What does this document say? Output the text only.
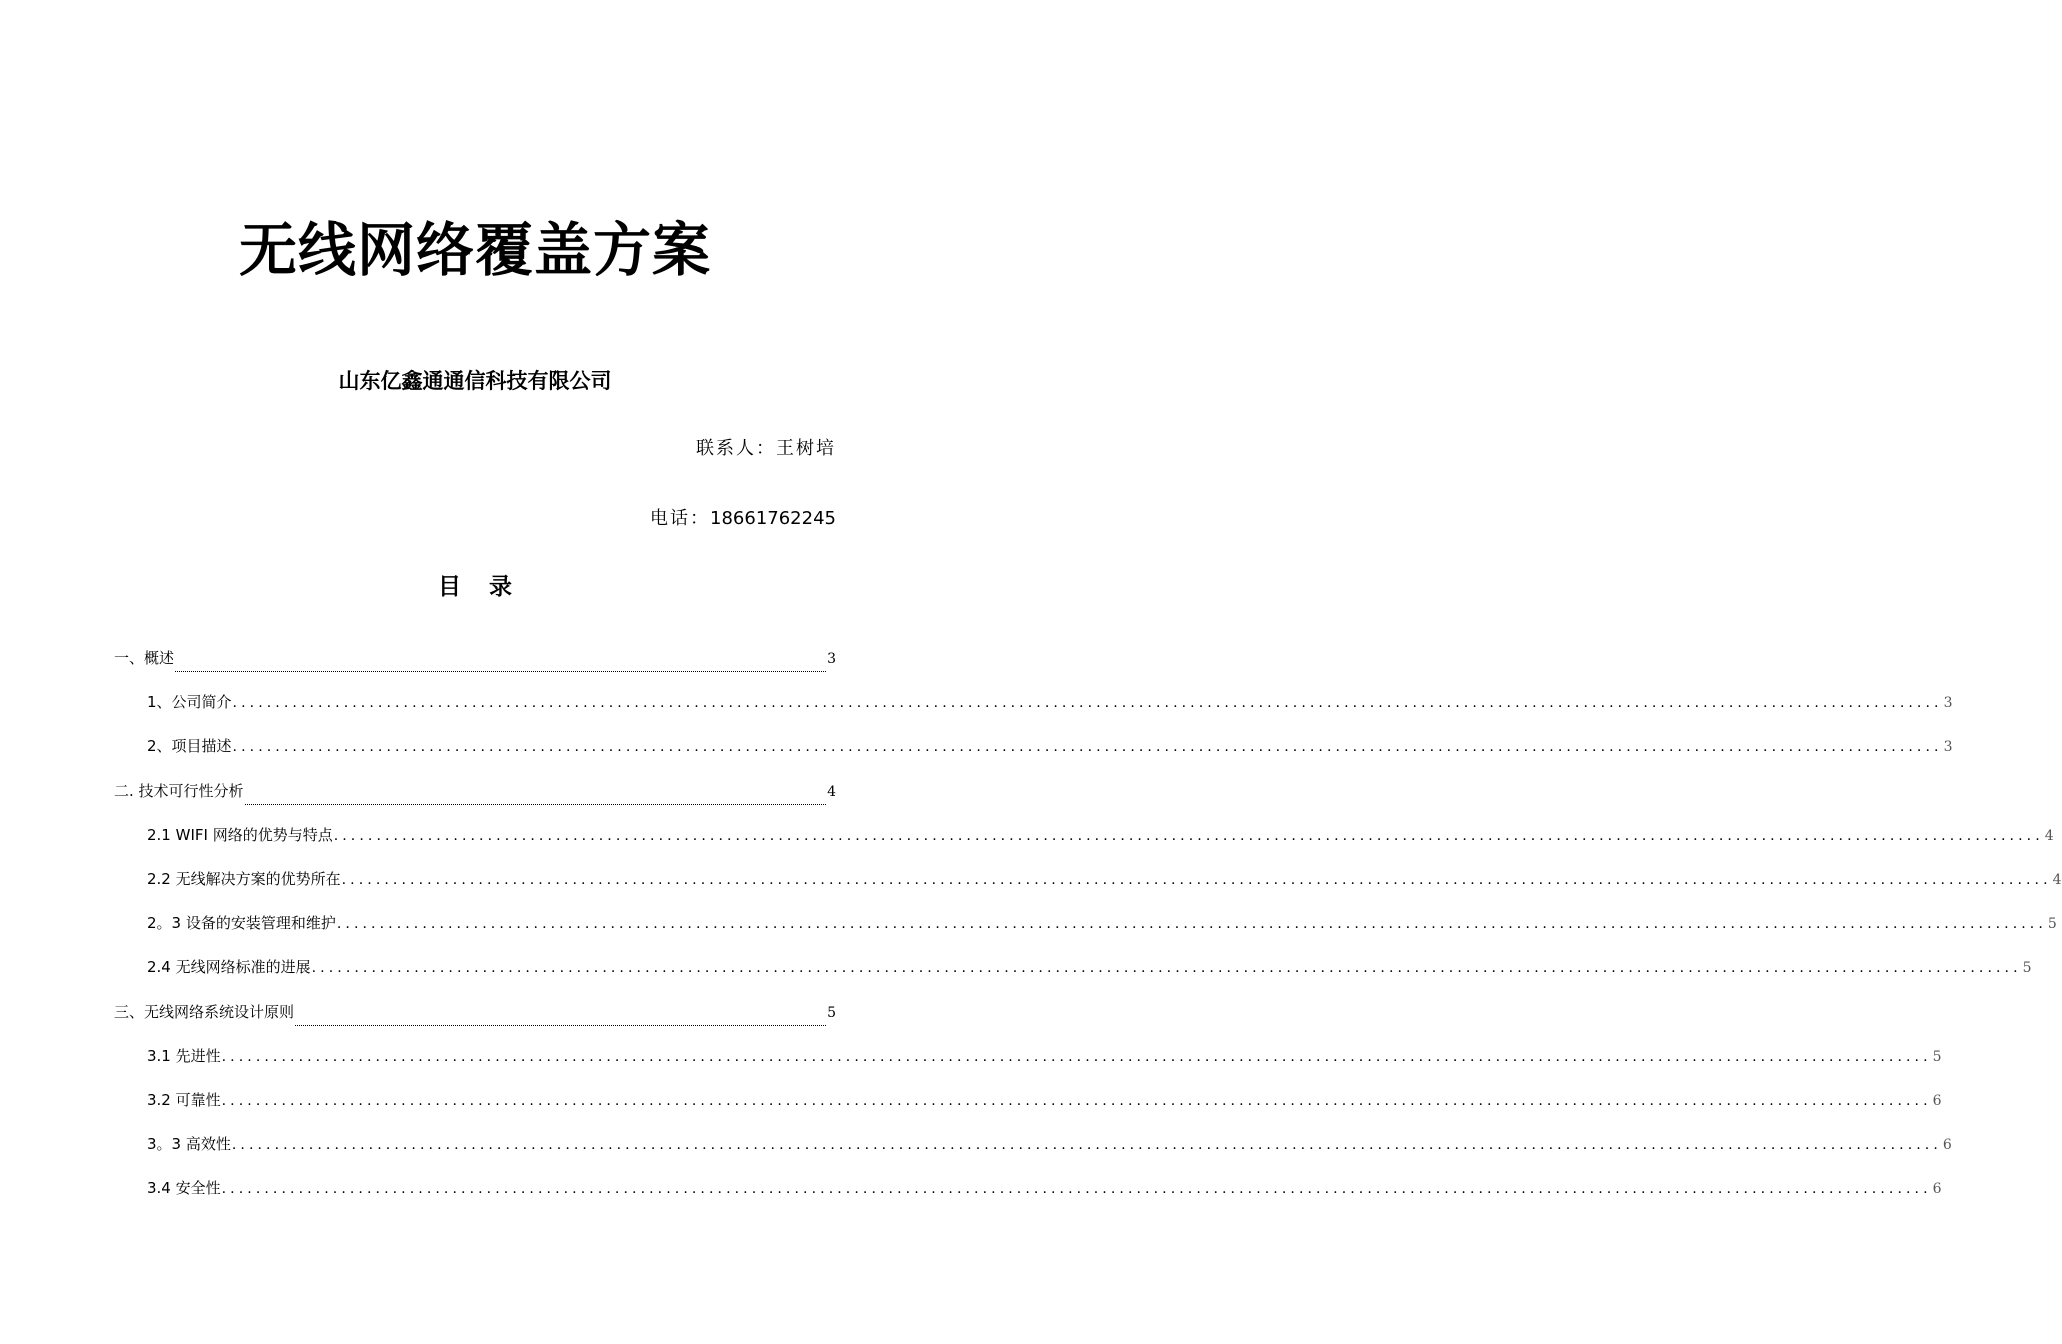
无线网络覆盖方案
山东亿鑫通通信科技有限公司
联系人：王树培
电话：18661762245
目录
一、概述	3
1、公司简介 ........................................................................................................................................................................................................ 3
2、项目描述 ........................................................................................................................................................................................................ 3
二. 技术可行性分析	4
2.1 WIFI 网络的优势与特点 ........................................................................................................................................................................................................ 4
2.2 无线解决方案的优势所在 ........................................................................................................................................................................................................ 4
2。3 设备的安装管理和维护 ........................................................................................................................................................................................................ 5
2.4 无线网络标准的进展 ........................................................................................................................................................................................................ 5
三、无线网络系统设计原则	5
3.1 先进性 ........................................................................................................................................................................................................ 5
3.2 可靠性 ........................................................................................................................................................................................................ 6
3。3 高效性 ........................................................................................................................................................................................................ 6
3.4 安全性 ........................................................................................................................................................................................................ 6
